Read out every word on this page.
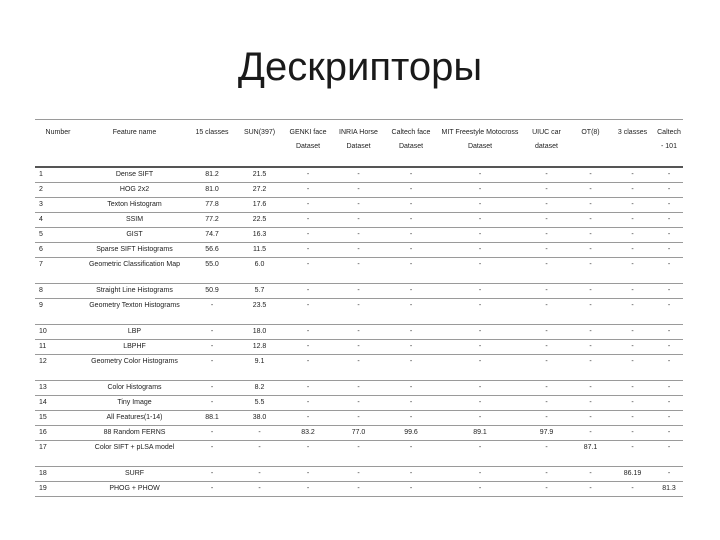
Дескрипторы
Number	Feature name	15 classes	SUN(397)	GENKI face Dataset	INRIA Horse Dataset	Caltech face Dataset	MIT Freestyle Motocross Dataset	UIUC car dataset	OT(8)	3 classes	Caltech - 101
1	Dense SIFT	81.2	21.5	-	-	-	-	-	-	-	-
2	HOG 2x2	81.0	27.2	-	-	-	-	-	-	-	-
3	Texton Histogram	77.8	17.6	-	-	-	-	-	-	-	-
4	SSIM	77.2	22.5	-	-	-	-	-	-	-	-
5	GIST	74.7	16.3	-	-	-	-	-	-	-	-
6	Sparse SIFT Histograms	56.6	11.5	-	-	-	-	-	-	-	-
7	Geometric Classification Map	55.0	6.0	-	-	-	-	-	-	-	-
8	Straight Line Histograms	50.9	5.7	-	-	-	-	-	-	-	-
9	Geometry Texton Histograms	-	23.5	-	-	-	-	-	-	-	-
10	LBP	-	18.0	-	-	-	-	-	-	-	-
11	LBPHF	-	12.8	-	-	-	-	-	-	-	-
12	Geometry Color Histograms	-	9.1	-	-	-	-	-	-	-	-
13	Color Histograms	-	8.2	-	-	-	-	-	-	-	-
14	Tiny Image	-	5.5	-	-	-	-	-	-	-	-
15	All Features(1-14)	88.1	38.0	-	-	-	-	-	-	-	-
16	88 Random FERNS	-	-	83.2	77.0	99.6	89.1	97.9	-	-	-
17	Color SIFT + pLSA model	-	-	-	-	-	-	-	87.1	-	-
18	SURF	-	-	-	-	-	-	-	-	86.19	-
19	PHOG + PHOW	-	-	-	-	-	-	-	-	-	81.3
